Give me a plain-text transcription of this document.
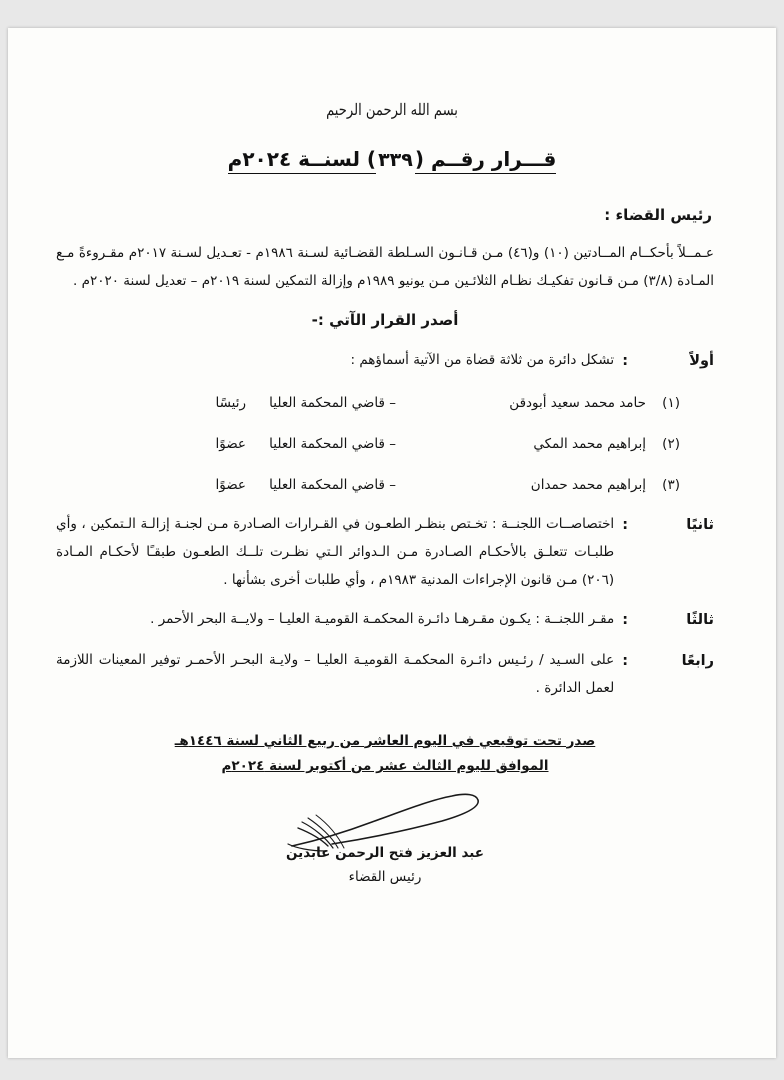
بسم الله الرحمن الرحيم
قـــرار رقــم (٣٣٩) لسنــة ٢٠٢٤م
رئيس القضاء :
عـمــلاً بأحكــام المــادتين (١٠) و(٤٦) مـن قـانـون السـلطة القضـائية لسـنة ١٩٨٦م - تعـديل لسـنة ٢٠١٧م مقـروءةً مـع المـادة (٣/٨) مـن قـانون تفكيـك نظـام الثلائـين مـن يونيو ١٩٨٩م وإزالة التمكين لسنة ٢٠١٩م – تعديل لسنة ٢٠٢٠م .
أصدر القرار الآتي :-
أولاً
:
تشكل دائرة من ثلاثة قضاة من الآتية أسماؤهم :
(١)
حامد محمد سعيد أبودقن
– قاضي المحكمة العليا
رئيسًا
(٢)
إبراهيم محمد المكي
– قاضي المحكمة العليا
عضوًا
(٣)
إبراهيم محمد حمدان
– قاضي المحكمة العليا
عضوًا
ثانيًا
:
اختصاصــات اللجنــة : تخـتص بنظـر الطعـون في القـرارات الصـادرة مـن لجنـة إزالـة الـتمكين ، وأي طلبـات تتعلـق بالأحكـام الصـادرة مـن الـدوائر الـتي نظـرت تلــك الطعـون طبقـًا لأحكـام المـادة (٢٠٦) مـن قانون الإجراءات المدنية ١٩٨٣م ، وأي طلبات أخرى بشأنها .
ثالثًا
:
مقـر اللجنــة : يكـون مقـرهـا دائـرة المحكمـة القوميـة العليـا – ولايــة البحر الأحمر .
رابعًا
:
على السـيد / رئـيس دائـرة المحكمـة القوميـة العليـا – ولايـة البحـر الأحمـر توفير المعينات اللازمة لعمل الدائرة .
صدر تحت توقيعي في اليوم العاشر من ربيع الثاني لسنة ١٤٤٦هـ
الموافق لليوم الثالث عشر من أكتوبر لسنة ٢٠٢٤م
عبد العزيز فتح الرحمن عابدين
رئيس القضاء
